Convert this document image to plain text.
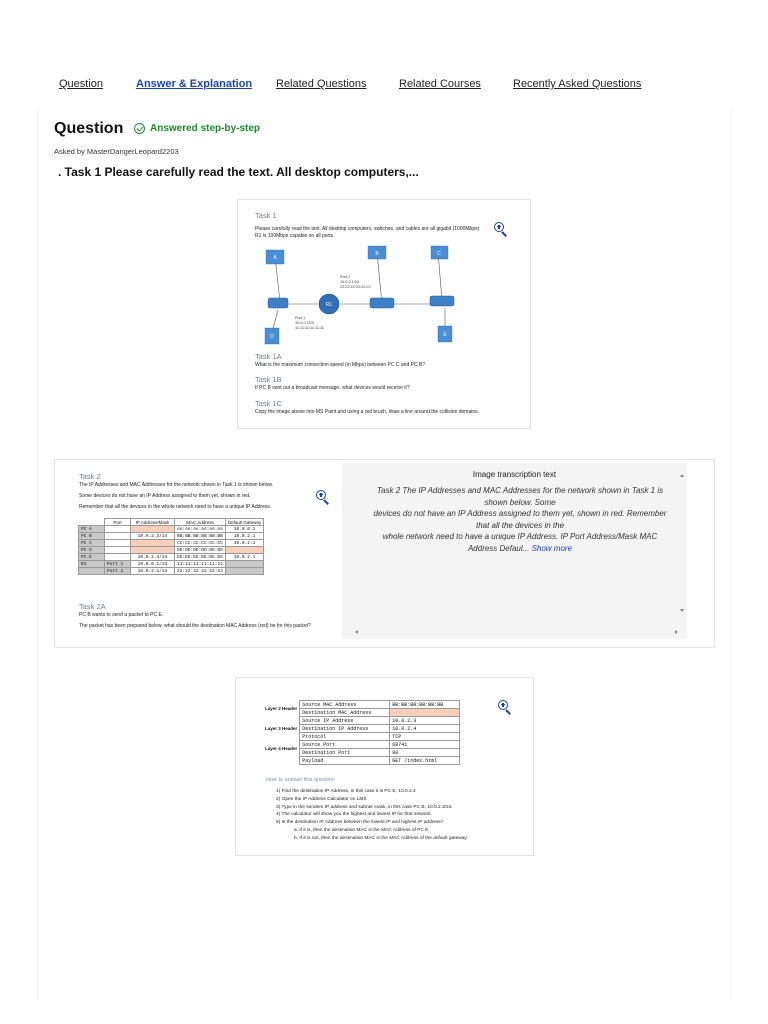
Question	Answer & Explanation Related Questions	Related Courses	Recently Asked Questions
Question	Answered step-by-step
Asked by MasterDangerLeopard2203
. Task 1 Please carefully read the text. All desktop computers,...
Task 1
Please carefully read the text. All desktop computers, switches, and cables are all gigabit (1000Mbps)
R1 is 100Mbps capable on all ports.
A
B	C
D	E
R1
Port 2
10.0.2.1/24
22:22:22:22:22:22
Port 1
10.0.0.1/23
11:11:11:11:11:11
Task 1A
What is the maximum connection speed (in Mbps) between PC C and PC B?
Task 1B
If PC B sent out a broadcast message, what devices would receive it?
Task 1C
Copy the image above into MS Paint and using a red brush, draw a line around the collision domains.
Task 2
The IP Addresses and MAC Addresses for the network shown in Task 1 is shown below.
Some devices do not have an IP Address assigned to them yet, shown in red.
Remember that all the devices in the whole network need to have a unique IP Address.
	Port	IP Address/Mask	MAC Address	Default Gateway
PC A			AA:AA:AA:AA:AA:AA	10.0.0.1
PC B		10.0.2.3/24	BB:BB:BB:BB:BB:BB	10.0.2.1
PC C			CC:CC:CC:CC:CC:CC	10.0.2.1
PC D			DD:DD:DD:DD:DD:DD	
PC E		10.0.2.4/24	EE:EE:EE:EE:EE:EE	10.0.2.1
R1	Port 1	10.0.0.1/23	11:11:11:11:11:11	
	Port 2	10.0.2.1/24	22:22:22:22:22:22	
Task 2A
PC B wants to send a packet to PC E.
The packet has been prepared below, what should the destination MAC Address (red) be for this packet?
Image transcription text
Task 2 The IP Addresses and MAC Addresses for the network shown in Task 1 is
shown below. Some
devices do not have an IP Address assigned to them yet, shown in red. Remember
that all the devices in the
whole network need to have a unique IP Address. IP Port Address/Mask MAC
Address Defaul... Show more
Layer 2 Header	Source MAC Address	BB:BB:BB:BB:BB:BB
	Destination MAC Address	
Layer 3 Header	Source IP Address	10.0.2.3
	Destination IP Address	10.0.2.4
	Protocol	TCP
Layer 4 Header	Source Port	68741
	Destination Port	80
	Payload	GET /index.html
How to answer this question
1) Find the destination IP Address, in this case it is PC E, 10.0.2.4
2) Open the IP Address Calculator on LMS
3) Type in the senders IP address and subnet mask, in this case PC B, 10.0.2.3/24.
4) The calculator will show you the highest and lowest IP for that network.
5) Is the destination IP Address between the lowest IP and highest IP address?
a. If it is, then the destination MAC is the MAC Address of PC E.
b. If it is not, then the destination MAC is the MAC Address of the default gateway.
